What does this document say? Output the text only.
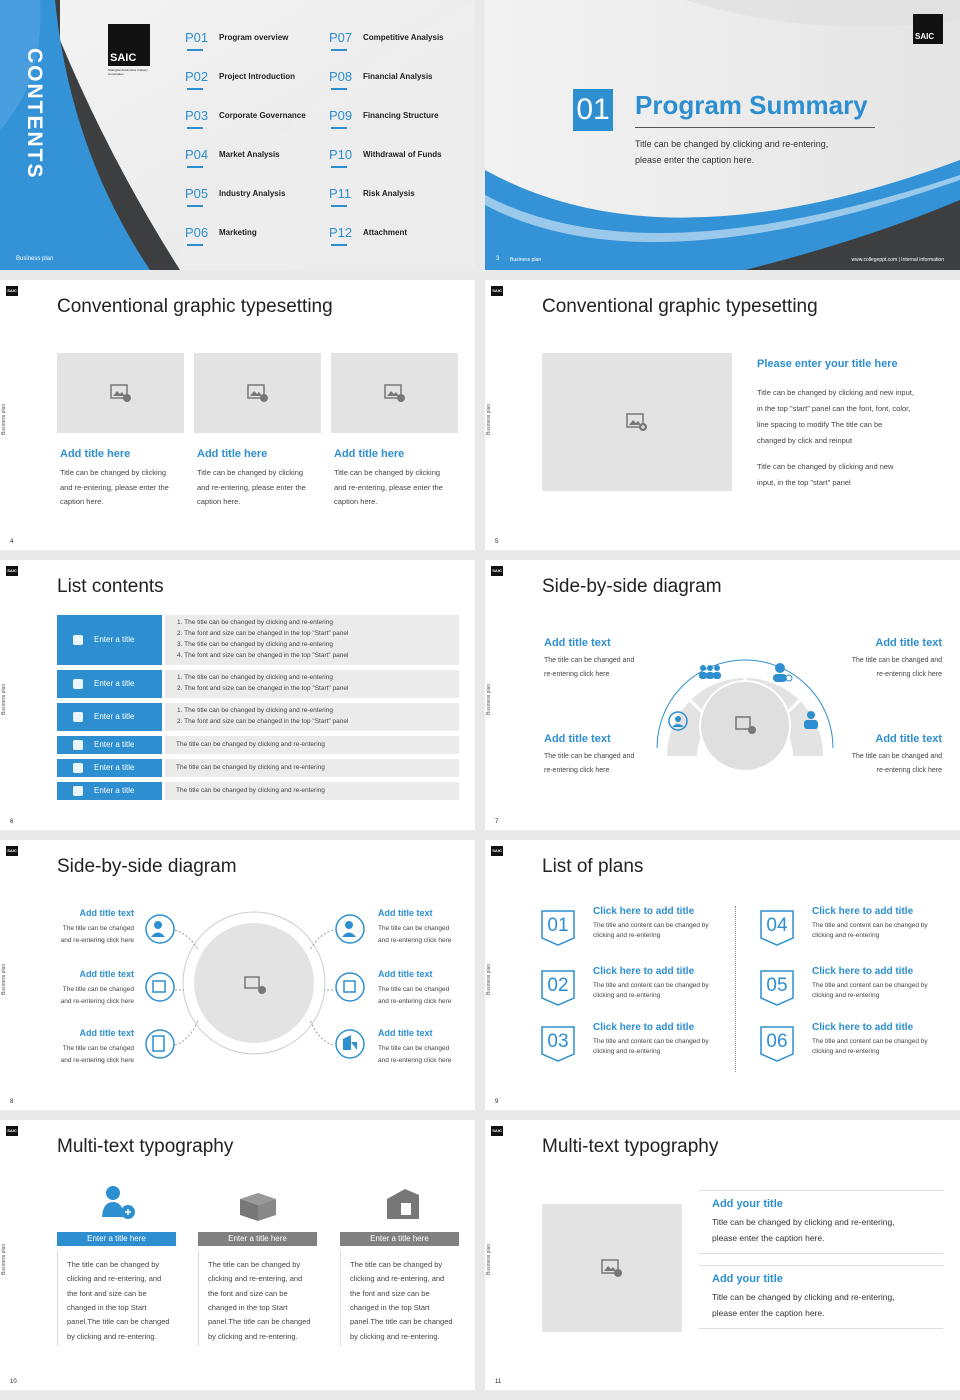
CONTENTS
Business plan
SAIC
Shanghai Automotive Industry Corporation
P01 Program overview
P02 Project Introduction
P03 Corporate Governance
P04 Market Analysis
P05 Industry Analysis
P06 Marketing
P07 Competitive Analysis
P08 Financial Analysis
P09 Financing Structure
P10 Withdrawal of Funds
P11 Risk Analysis
P12 Attachment
SAIC
01 Program Summary
Title can be changed by clicking and re-entering,
please enter the caption here.
3 Business plan	www.collegeppt.com | Internal information
SAIC
Business plan
Conventional graphic typesetting
4
Add title here
Title can be changed by clicking
and re-entering, please enter the
caption here.
Add title here
Title can be changed by clicking
and re-entering, please enter the
caption here.
Add title here
Title can be changed by clicking
and re-entering, please enter the
caption here.
SAIC
Business plan
Conventional graphic typesetting
Please enter your title here
Title can be changed by clicking and new input,
in the top "start" panel can the font, font, color,
line spacing to modify The title can be
changed by click and reinput
Title can be changed by clicking and new
input, in the top "start" panel
5
SAIC
Business plan
List contents
6
Enter a title
1. The title can be changed by clicking and re-entering
2. The font and size can be changed in the top "Start" panel
3. The title can be changed by clicking and re-entering
4. The font and size can be changed in the top "Start" panel
Enter a title
1. The title can be changed by clicking and re-entering
2. The font and size can be changed in the top "Start" panel
Enter a title
1. The title can be changed by clicking and re-entering
2. The font and size can be changed in the top "Start" panel
Enter a title	The title can be changed by clicking and re-entering
Enter a title	The title can be changed by clicking and re-entering
Enter a title	The title can be changed by clicking and re-entering
SAIC
Business plan
Side-by-side diagram
7
Add title text
The title can be changed and
re-entering click here
Add title text
The title can be changed and
re-entering click here
Add title text
The title can be changed and
re-entering click here
Add title text
The title can be changed and
re-entering click here
SAIC
Business plan
Side-by-side diagram
8
Add title text
The title can be changed
and re-entering click here
Add title text
The title can be changed
and re-entering click here
Add title text
The title can be changed
and re-entering click here
Add title text
The title can be changed
and re-entering click here
Add title text
The title can be changed
and re-entering click here
Add title text
The title can be changed
and re-entering click here
SAIC
Business plan
List of plans
9
01
Click here to add title
The title and content can be changed by
clicking and re-entering
02
Click here to add title
The title and content can be changed by
clicking and re-entering
03
Click here to add title
The title and content can be changed by
clicking and re-entering
04
Click here to add title
The title and content can be changed by
clicking and re-entering
05
Click here to add title
The title and content can be changed by
clicking and re-entering
06
Click here to add title
The title and content can be changed by
clicking and re-entering
SAIC
Business plan
Multi-text typography
10
Enter a title here
The title can be changed by
clicking and re-entering, and
the font and size can be
changed in the top Start
panel.The title can be changed
by clicking and re-entering.
Enter a title here
The title can be changed by
clicking and re-entering, and
the font and size can be
changed in the top Start
panel.The title can be changed
by clicking and re-entering.
Enter a title here
The title can be changed by
clicking and re-entering, and
the font and size can be
changed in the top Start
panel.The title can be changed
by clicking and re-entering.
SAIC
Business plan
Multi-text typography
11
Add your title
Title can be changed by clicking and re-entering,
please enter the caption here.
Add your title
Title can be changed by clicking and re-entering,
please enter the caption here.
